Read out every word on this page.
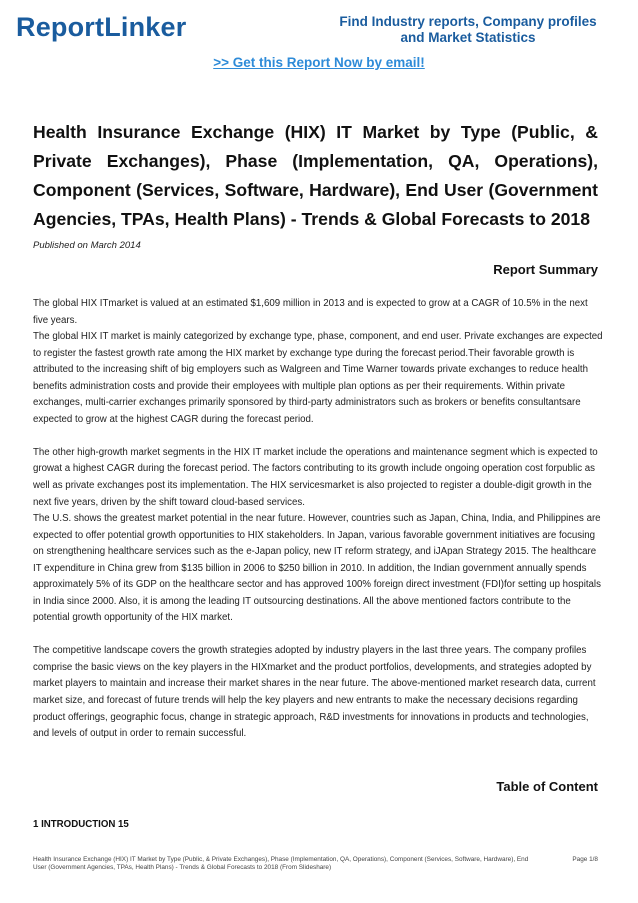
ReportLinker	Find Industry reports, Company profiles and Market Statistics
>> Get this Report Now by email!
Health Insurance Exchange (HIX) IT Market by Type (Public, & Private Exchanges), Phase (Implementation, QA, Operations), Component (Services, Software, Hardware), End User (Government Agencies, TPAs, Health Plans) - Trends & Global Forecasts to 2018
Published on March 2014
Report Summary

The global HIX ITmarket is valued at an estimated $1,609 million in 2013 and is expected to grow at a CAGR of 10.5% in the next five years.

The global HIX IT market is mainly categorized by exchange type, phase, component, and end user. Private exchanges are expected to register the fastest growth rate among the HIX market by exchange type during the forecast period.Their favorable growth is attributed to the increasing shift of big employers such as Walgreen and Time Warner towards private exchanges to reduce health benefits administration costs and provide their employees with multiple plan options as per their requirements. Within private exchanges, multi-carrier exchanges primarily sponsored by third-party administrators such as brokers or benefits consultantsare expected to grow at the highest CAGR during the forecast period.

The other high-growth market segments in the HIX IT market include the operations and maintenance segment which is expected to growat a highest CAGR during the forecast period. The factors contributing to its growth include ongoing operation cost forpublic as well as private exchanges post its implementation. The HIX servicesmarket is also projected to register a double-digit growth in the next five years, driven by the shift toward cloud-based services.

The U.S. shows the greatest market potential in the near future. However, countries such as Japan, China, India, and Philippines are expected to offer potential growth opportunities to HIX stakeholders. In Japan, various favorable government initiatives are focusing on strengthening healthcare services such as the e-Japan policy, new IT reform strategy, and iJApan Strategy 2015. The healthcare IT expenditure in China grew from $135 billion in 2006 to $250 billion in 2010. In addition, the Indian government annually spends approximately 5% of its GDP on the healthcare sector and has approved 100% foreign direct investment (FDI)for setting up hospitals in India since 2000. Also, it is among the leading IT outsourcing destinations. All the above mentioned factors contribute to the potential growth opportunity of the HIX market.

The competitive landscape covers the growth strategies adopted by industry players in the last three years. The company profiles comprise the basic views on the key players in the HIXmarket and the product portfolios, developments, and strategies adopted by market players to maintain and increase their market shares in the near future. The above-mentioned market research data, current market size, and forecast of future trends will help the key players and new entrants to make the necessary decisions regarding product offerings, geographic focus, change in strategic approach, R&D investments for innovations in products and technologies, and levels of output in order to remain successful.

Table of Content
1 INTRODUCTION 15
Health Insurance Exchange (HIX) IT Market by Type (Public, & Private Exchanges), Phase (Implementation, QA, Operations), Component (Services, Software, Hardware), End User (Government Agencies, TPAs, Health Plans) - Trends & Global Forecasts to 2018 (From Slideshare)
Page 1/8
